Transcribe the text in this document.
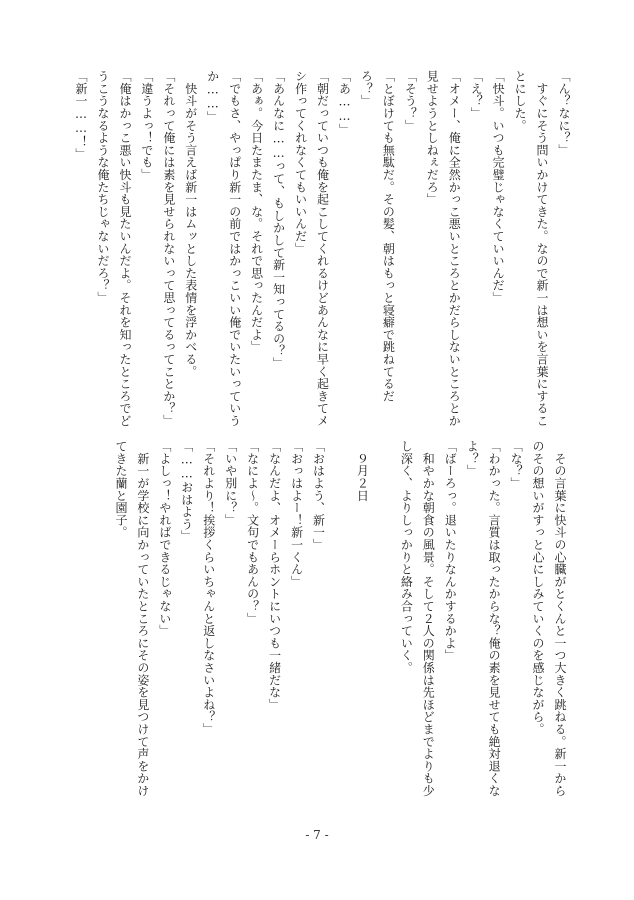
「ん？なに？」

　すぐにそう問いかけてきた。なので新一は想いを言葉にすることにした。

「快斗。いつも完璧じゃなくていいんだ」

「え？」

「オメー、俺に全然かっこ悪いところとかだらしないところとか見せようとしねぇだろ」

「そう？」

「とぼけても無駄だ。その髪、朝はもっと寝癖で跳ねてるだろ？」

「あ……」

「朝だっていつも俺を起こしてくれるけどあんなに早く起きてメシ作ってくれなくてもいいんだ」

「あんなに……って、もしかして新一知ってるの？」

「あぁ。今日たまたま、な。それで思ったんだよ」

「でもさ、やっぱり新一の前ではかっこいい俺でいたいっていうか……」

　快斗がそう言えば新一はムッとした表情を浮かべる。

「それって俺には素を見せられないって思ってるってことか？」

「違うよっ！でも」

「俺はかっこ悪い快斗も見たいんだよ。それを知ったところでどうこうなるような俺たちじゃないだろ？」

「新一……！」

　その言葉に快斗の心臓がとくんと一つ大きく跳ねる。新一からのその想いがすっと心にしみていくのを感じながら。

「な？」

「わかった。言質は取ったからな？俺の素を見せても絶対退くなよ？」

「ばーろっ。退いたりなんかするかよ」

　和やかな朝食の風景。そして２人の関係は先ほどまでよりも少し深く、よりしっかりと絡み合っていく。

　９月２日

「おはよう、新一」

「おっはよー！新一くん」

「なんだよ、オメーらホントにいつも一緒だな」

「なによ〜。文句でもあんの？」

「いや別に？」

「それより！挨拶くらいちゃんと返しなさいよね？」

「……おはよう」

「よしっ！やればできるじゃない」

　新一が学校に向かっていたところにその姿を見つけて声をかけてきた蘭と園子。

- 7 -
